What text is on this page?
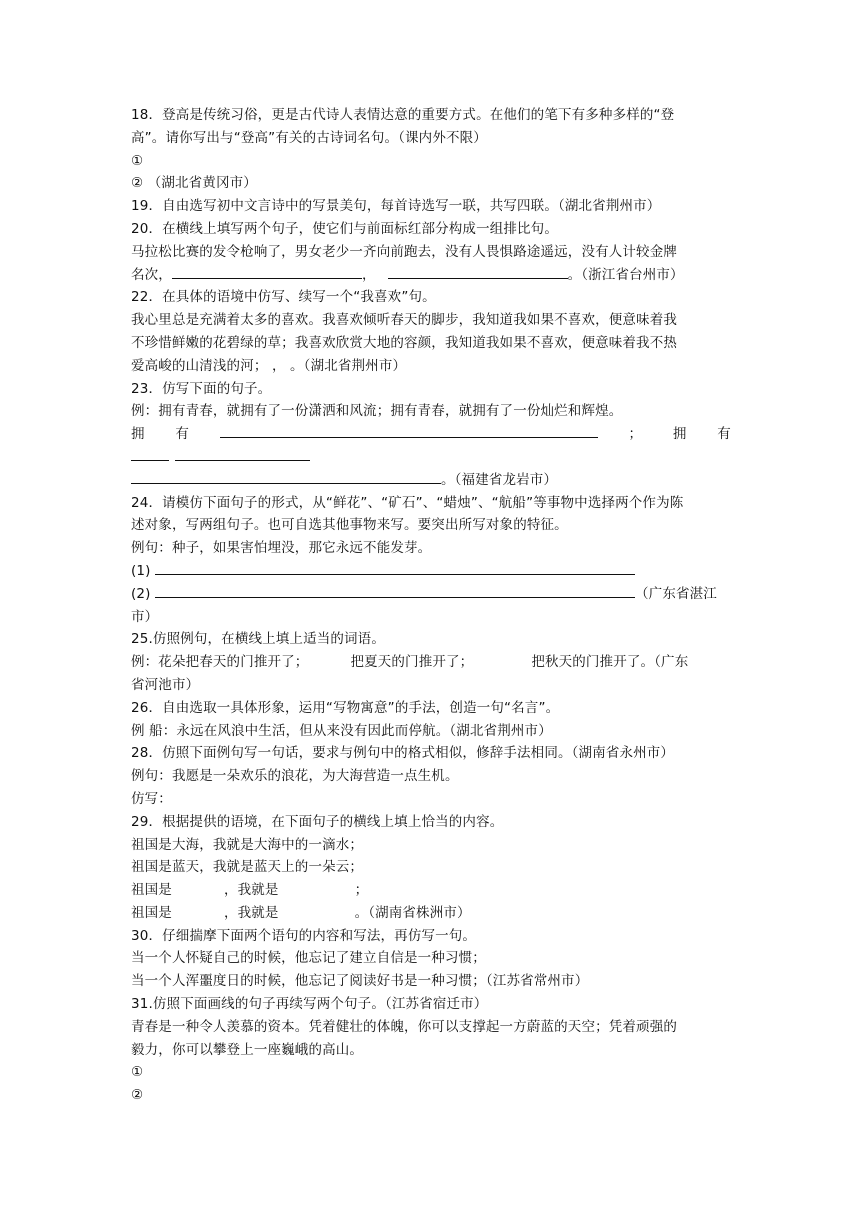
18．登高是传统习俗，更是古代诗人表情达意的重要方式。在他们的笔下有多种多样的“登
高”。请你写出与“登高”有关的古诗词名句。（课内外不限）
①
② （湖北省黄冈市）
19．自由选写初中文言诗中的写景美句，每首诗选写一联，共写四联。（湖北省荆州市）
20．在横线上填写两个句子，使它们与前面标红部分构成一组排比句。
马拉松比赛的发令枪响了，男女老少一齐向前跑去，没有人畏惧路途遥远，没有人计较金牌
名次，	，	。（浙江省台州市）
22．在具体的语境中仿写、续写一个“我喜欢”句。
我心里总是充满着太多的喜欢。我喜欢倾听春天的脚步，我知道我如果不喜欢，便意味着我
不珍惜鲜嫩的花碧绿的草；我喜欢欣赏大地的容颜，我知道我如果不喜欢，便意味着我不热
爱高峻的山清浅的河； ， 。（湖北省荆州市）
23．仿写下面的句子。
例：拥有青春，就拥有了一份潇洒和风流；拥有青春，就拥有了一份灿烂和辉煌。
拥 有	； 拥 有
。（福建省龙岩市）
24．请模仿下面句子的形式，从“鲜花”、“矿石”、“蜡烛”、“航船”等事物中选择两个作为陈
述对象，写两组句子。也可自选其他事物来写。要突出所写对象的特征。
例句：种子，如果害怕埋没，那它永远不能发芽。
(1)
(2)	（广东省湛江
市）
25.仿照例句，在横线上填上适当的词语。
例：花朵把春天的门推开了；	把夏天的门推开了；	把秋天的门推开了。（广东
省河池市）
26．自由选取一具体形象，运用“写物寓意”的手法，创造一句“名言”。
例 船：永远在风浪中生活，但从来没有因此而停航。（湖北省荆州市）
28．仿照下面例句写一句话，要求与例句中的格式相似，修辞手法相同。（湖南省永州市）
例句：我愿是一朵欢乐的浪花，为大海营造一点生机。
仿写：
29．根据提供的语境，在下面句子的横线上填上恰当的内容。
祖国是大海，我就是大海中的一滴水；
祖国是蓝天，我就是蓝天上的一朵云；
祖国是	，我就是	；
祖国是	，我就是	。（湖南省株洲市）
30．仔细揣摩下面两个语句的内容和写法，再仿写一句。
当一个人怀疑自己的时候，他忘记了建立自信是一种习惯；
当一个人浑噩度日的时候，他忘记了阅读好书是一种习惯；（江苏省常州市）
31.仿照下面画线的句子再续写两个句子。（江苏省宿迁市）
青春是一种令人羡慕的资本。凭着健壮的体魄，你可以支撑起一方蔚蓝的天空；凭着顽强的
毅力，你可以攀登上一座巍峨的高山。
①
②
